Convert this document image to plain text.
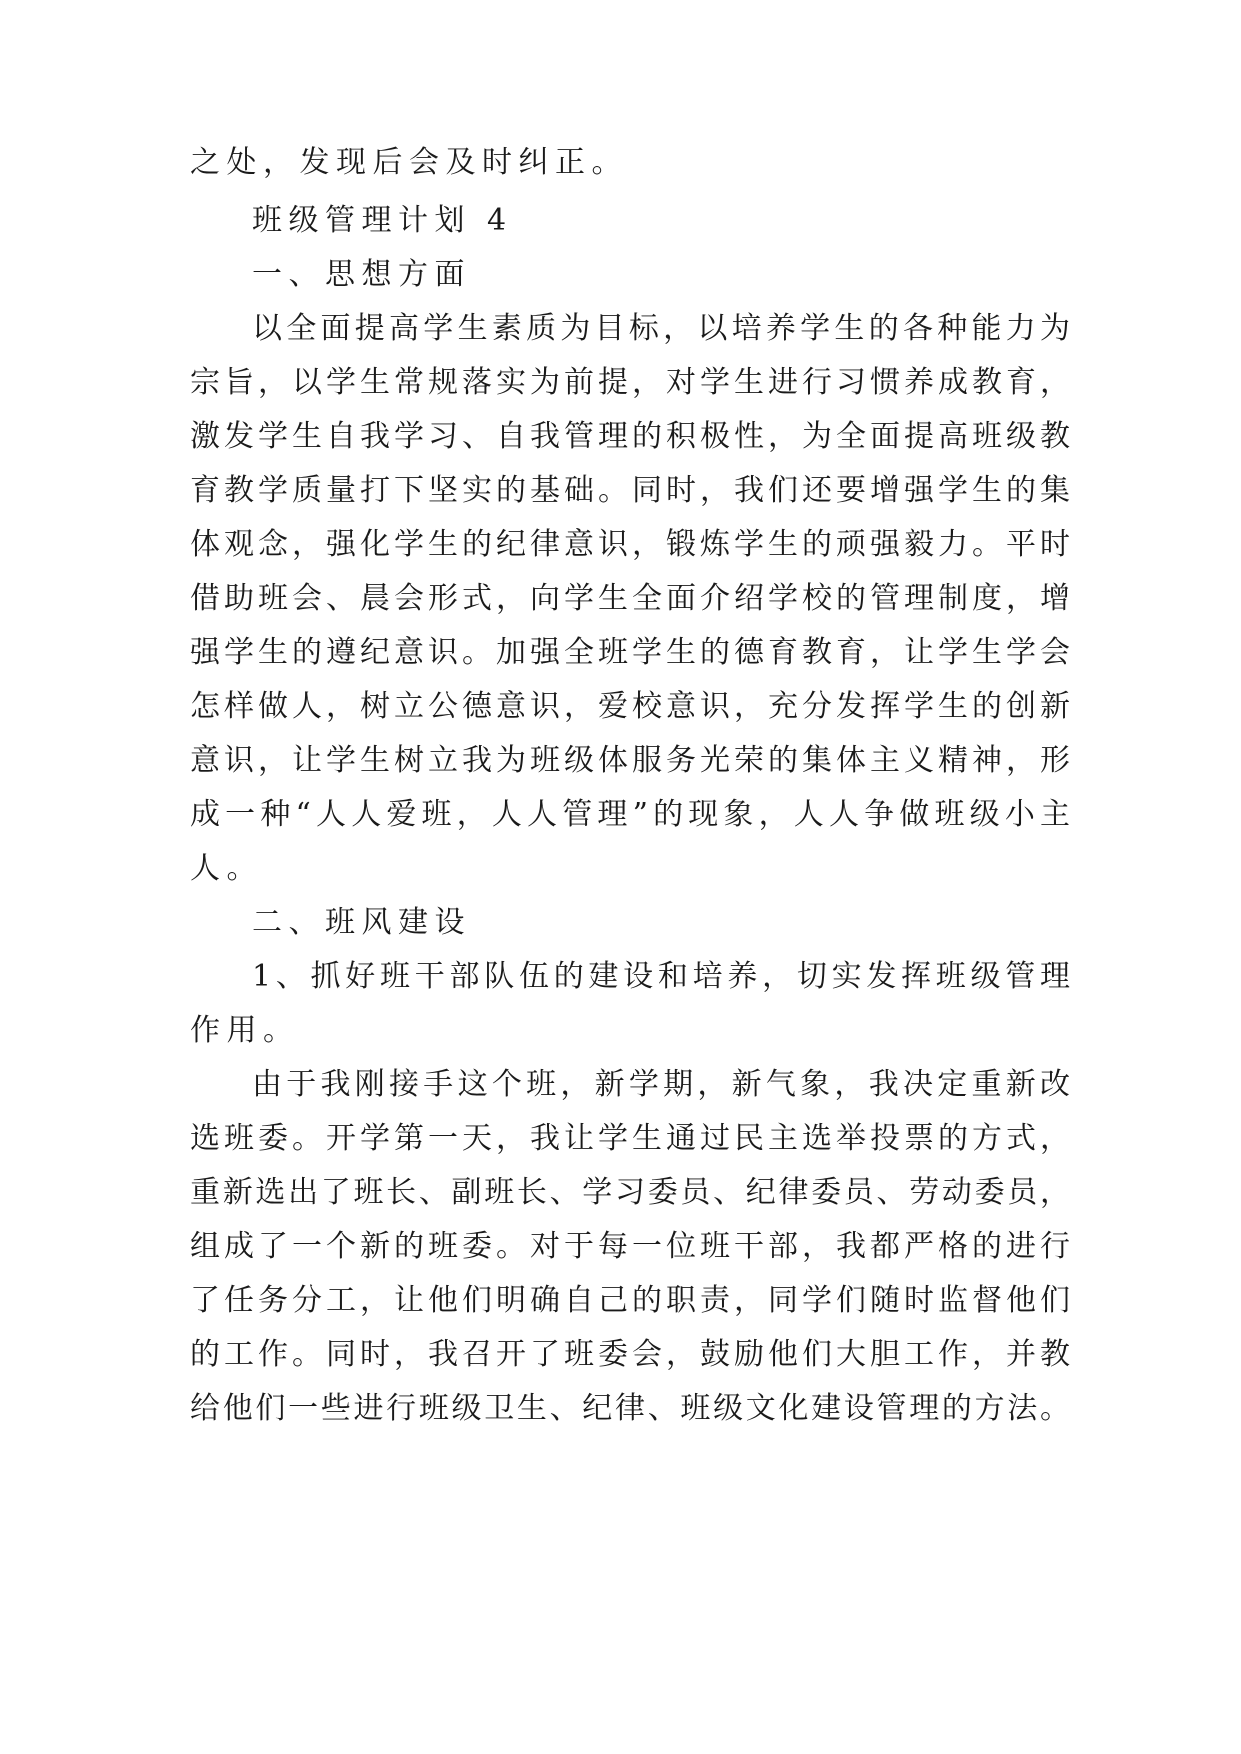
之处，发现后会及时纠正。

班级管理计划 4

一、思想方面

以全面提高学生素质为目标，以培养学生的各种能力为

宗旨，以学生常规落实为前提，对学生进行习惯养成教育，

激发学生自我学习、自我管理的积极性，为全面提高班级教

育教学质量打下坚实的基础。同时，我们还要增强学生的集

体观念，强化学生的纪律意识，锻炼学生的顽强毅力。平时

借助班会、晨会形式，向学生全面介绍学校的管理制度，增

强学生的遵纪意识。加强全班学生的德育教育，让学生学会

怎样做人，树立公德意识，爱校意识，充分发挥学生的创新

意识，让学生树立我为班级体服务光荣的集体主义精神，形

成一种“人人爱班，人人管理”的现象，人人争做班级小主

人。

二、班风建设

1、抓好班干部队伍的建设和培养，切实发挥班级管理

作用。

由于我刚接手这个班，新学期，新气象，我决定重新改

选班委。开学第一天，我让学生通过民主选举投票的方式，

重新选出了班长、副班长、学习委员、纪律委员、劳动委员，

组成了一个新的班委。对于每一位班干部，我都严格的进行

了任务分工，让他们明确自己的职责，同学们随时监督他们

的工作。同时，我召开了班委会，鼓励他们大胆工作，并教

给他们一些进行班级卫生、纪律、班级文化建设管理的方法。
